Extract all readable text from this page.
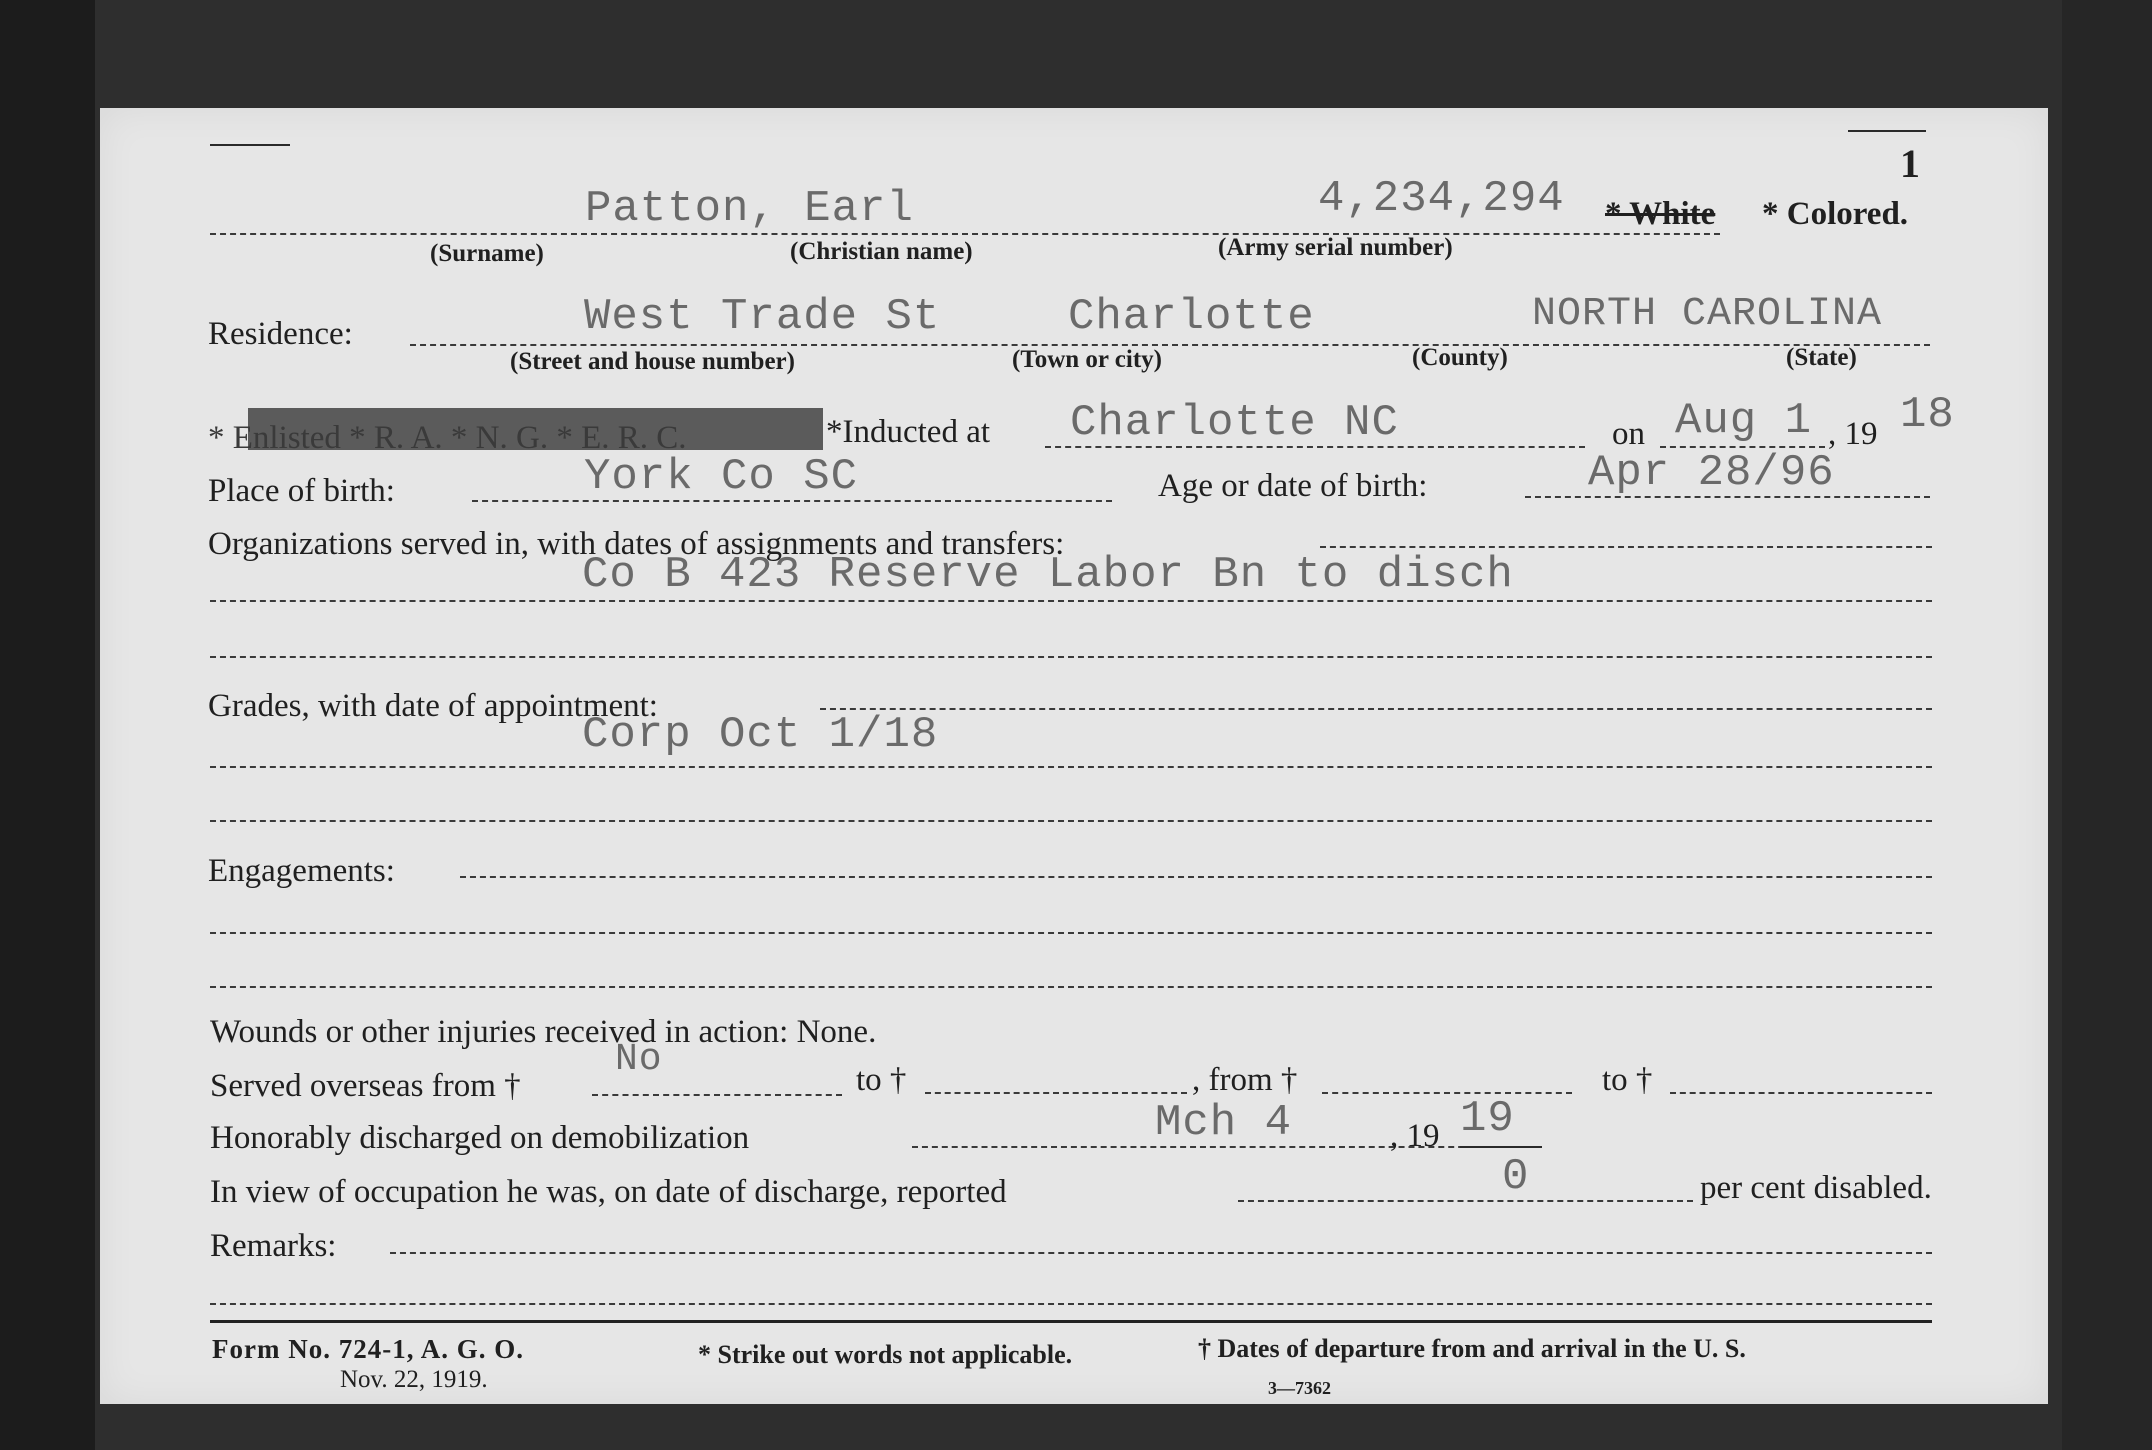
1
Patton, Earl	4,234,294 * White * Colored.
(Surname)	(Christian name)	(Army serial number)
Residence:	West Trade St	Charlotte	NORTH CAROLINA
(Street and house number)	(Town or city)	(County)	(State)
* Enlisted * R. A. * N. G. * E. R. C.	*Inducted at Charlotte NC	on Aug 1 , 19 18
Place of birth:	York Co SC	Age or date of birth:	Apr 28/96
Organizations served in, with dates of assignments and transfers:
Co B 423 Reserve Labor Bn to disch
Grades, with date of appointment:
Corp Oct 1/18
Engagements:
Wounds or other injuries received in action: None.
Served overseas from †
No	to †	, from †	to †
Honorably discharged on demobilization	Mch 4	, 19 19
In view of occupation he was, on date of discharge, reported	0	per cent disabled.
Remarks:
Form No. 724-1, A. G. O.
Nov. 22, 1919.
* Strike out words not applicable.	† Dates of departure from and arrival in the U. S.
3—7362
